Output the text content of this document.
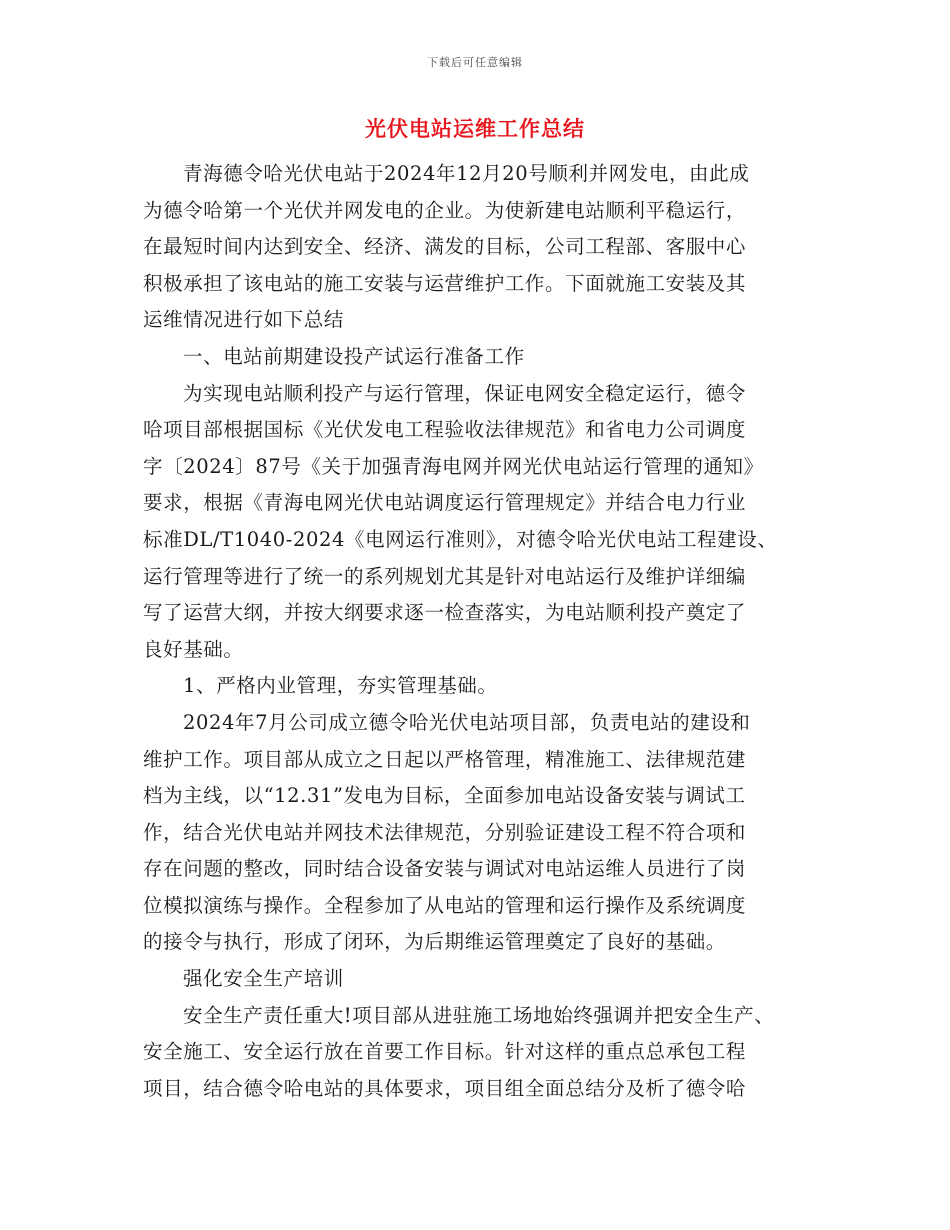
下载后可任意编辑
光伏电站运维工作总结

青海德令哈光伏电站于2024年12月20号顺利并网发电，由此成
为德令哈第一个光伏并网发电的企业。为使新建电站顺利平稳运行，
在最短时间内达到安全、经济、满发的目标，公司工程部、客服中心
积极承担了该电站的施工安装与运营维护工作。下面就施工安装及其
运维情况进行如下总结

一、电站前期建设投产试运行准备工作

为实现电站顺利投产与运行管理，保证电网安全稳定运行，德令
哈项目部根据国标《光伏发电工程验收法律规范》和省电力公司调度
字〔2024〕87号《关于加强青海电网并网光伏电站运行管理的通知》
要求，根据《青海电网光伏电站调度运行管理规定》并结合电力行业
标准DL/T1040-2024《电网运行准则》，对德令哈光伏电站工程建设、
运行管理等进行了统一的系列规划尤其是针对电站运行及维护详细编
写了运营大纲，并按大纲要求逐一检查落实，为电站顺利投产奠定了
良好基础。

1、严格内业管理，夯实管理基础。

2024年7月公司成立德令哈光伏电站项目部，负责电站的建设和
维护工作。项目部从成立之日起以严格管理，精准施工、法律规范建
档为主线，以“12.31”发电为目标，全面参加电站设备安装与调试工
作，结合光伏电站并网技术法律规范，分别验证建设工程不符合项和
存在问题的整改，同时结合设备安装与调试对电站运维人员进行了岗
位模拟演练与操作。全程参加了从电站的管理和运行操作及系统调度
的接令与执行，形成了闭环，为后期维运管理奠定了良好的基础。

强化安全生产培训

安全生产责任重大!项目部从进驻施工场地始终强调并把安全生产、
安全施工、安全运行放在首要工作目标。针对这样的重点总承包工程
项目，结合德令哈电站的具体要求，项目组全面总结分及析了德令哈
